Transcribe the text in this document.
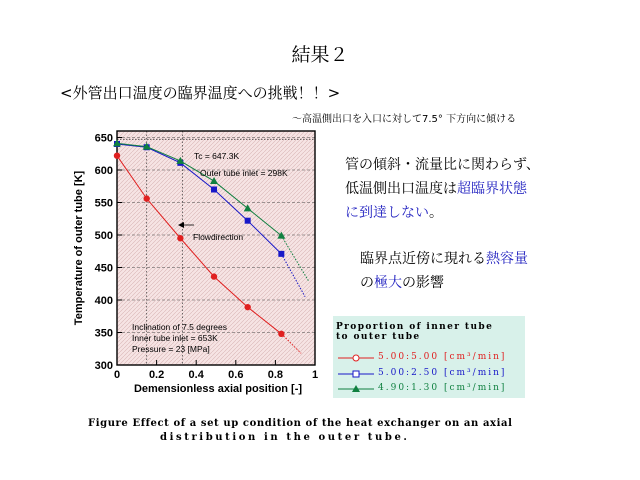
結果２
<外管出口温度の臨界温度への挑戦！！>
〜高温側出口を入口に対して7.5° 下方向に傾ける
300
350
400
450
500
550
600
650
0	0.2 0.4 0.6 0.8	1
Demensionless axial position [-]
Temperature of outer tube [K]
Tc = 647.3K
Outer tube inlet = 298K
Flowdirection
Inclination of 7.5 degrees
Inner tube inlet = 653K
Pressure = 23 [MPa]
管の傾斜・流量比に関わらず、
低温側出口温度は超臨界状態
に到達しない。
臨界点近傍に現れる熱容量
の極大の影響
Proportion of inner tube
to outer tube
5.00:5.00 [cm³/min]
5.00:2.50 [cm³/min]
4.90:1.30 [cm³/min]
Figure Effect of a set up condition of the heat exchanger on an axial
distribution in the outer tube.
